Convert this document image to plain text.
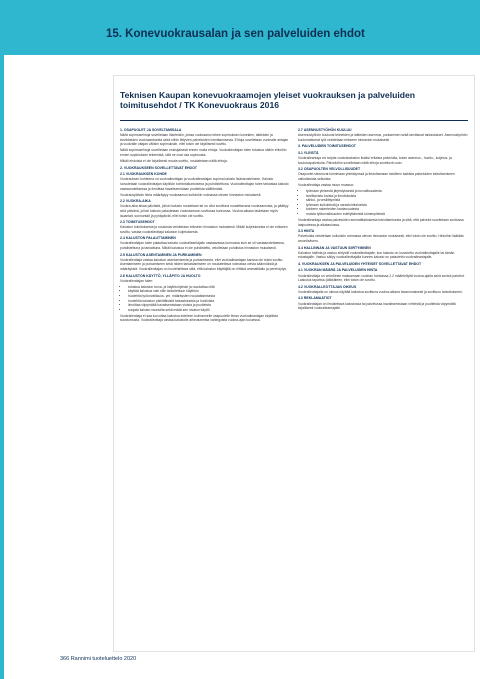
15. Konevuokrausalan ja sen palveluiden ehdot
Teknisen Kaupan konevuokraamojen yleiset vuokrauksen ja palveluiden
toimitusehdot / TK Konevuokraus 2016
1. OSAPUOLET JA SOVELTAMISALA

Näitä sopimusehtoja sovelletaan tilanteisiin, joissa vuokraamo tekee sopimuksen koneiden, laitteiden ja tarvikkeiden vuokraamisesta sekä niihin liittyvien palveluiden toimittamisesta. Ehtoja sovelletaan vuokralle antajan ja vuokralle ottajan välisiin sopimuksiin, ellei toisin ole kirjallisesti sovittu.

Näitä sopimusehtoja sovelletaan ensisijaisesti ennen muita ehtoja. Vuokralleottajan tulee tutustua näihin ehtoihin ennen sopimuksen tekemistä, sillä ne ovat osa sopimusta.

Mikäli ehdoista ei ole kirjallisesti muuta sovittu, noudatetaan näitä ehtoja.

2. VUOKRAUKSEEN SOVELLETTAVAT EHDOT
2.1 VUOKRAUKSEN KOHDE

Vuokrauksen kohteena on vuokralleottajan ja vuokralleantajan sopima kalusto lisävarusteineen. Kalusto luovutetaan vuokralleottajan käyttöön toimintakuntoisena ja puhdistettuna. Vuokralleottajan tulee tarkastaa kalusto vastaanotettaessa ja ilmoittaa havaitsemistaan puutteista välittömästi.

Vuokrauspäivän hinta määräytyy vuokraamon kulloinkin voimassa olevan hinnaston mukaisesti.

2.2 VUOKRA-AIKA

Vuokra-aika alkaa päivästä, jolloin kalusto noudetaan tai on ollut sovittuna noudettavana vuokraamosta, ja päättyy sinä päivänä, jolloin kalusto palautetaan vuokraamoon sovitussa kunnossa. Vuokra-aikaan lasketaan myös lauantait, sunnuntait ja pyhäpäivät, ellei toisin ole sovittu.

2.3 TOIMITUSEHDOT

Kaluston toimituksesta ja noudosta veloitetaan erikseen hinnaston mukaisesti. Mikäli kuljetuksesta ei ole erikseen sovittu, vastaa vuokralleottaja kaluston kuljetuksesta.

2.4 KALUSTON PALAUTTAMINEN

Vuokralleottajan tulee palauttaa kalusto vuokralleantajalle vastaavassa kunnossa kuin se oli vastaanotettaessa, puhdistettuna ja tankattuna. Mikäli kalustoa ei ole puhdistettu, veloitetaan puhdistus hinnaston mukaisesti.

2.5 KALUSTON ASENTAMINEN JA PURKAMINEN

Vuokralleottaja vastaa kaluston asentamisesta ja purkamisesta, ellei vuokralleantajan kanssa ole toisin sovittu. Asentamiseen ja purkamiseen sekä niiden tarkastamiseen on noudatettava voimassa olevia säännöksiä ja määräyksiä. Vuokralleottajan on huolehdittava siitä, että kaluston käyttäjillä on riittävä ammattitaito ja perehdytys.

2.6 KALUSTON KÄYTTÖ, YLLÄPITO JA HUOLTO

Vuokralleottajan tulee:

• tutustua kaluston turva- ja käyttöohjeisiin ja noudattaa niitä
• käyttää kalustoa vain sille tarkoitettuun käyttöön
• huolehtia työturvallisuus- ym. määräysten noudattamisesta
• huolehtia kaluston päivittäisistä tarkastuksista ja huolloista
• ilmoittaa viipymättä havaitsemistaan vioista ja puutteista
• suojata kalusto vaurioilta sekä estää sen luvaton käyttö

Vuokralleottaja ei saa luovuttaa kalustoa edelleen kolmannelle osapuolelle ilman vuokralleantajan kirjallista suostumusta. Vuokralleottaja vastaa kalustolle aiheutuneista vahingoista vuokra-ajan kuluessa.

2.7 ASENNUSTYÖHÖN KUULUU

Asennustyöhön kuuluvat telineiden ja laitteiden asennus, purkaminen sekä tarvittavat tarkastukset. Asennustyöhön kuulumattomat työt veloitetaan erikseen hinnaston mukaisesti.

3. PALVELUIDEN TOIMITUSEHDOT
3.1 YLEISTÄ

Vuokralleantaja voi tarjota vuokrakaluston lisäksi erilaisia palveluita, kuten asennus-, huolto-, kuljetus- ja koulutuspalveluita. Palveluihin sovelletaan näitä ehtoja soveltuvin osin.

3.2 OSAPUOLTEN VELVOLLISUUDET

Osapuolet sitoutuvat toimimaan yhteistyössä ja tiedottamaan toisilleen kaikista palveluiden toteuttamiseen vaikuttavista seikoista.

Vuokralleottaja vastaa muun muassa:

• työmaan yleisestä järjestyksestä ja turvallisuudesta
• tarvittavista luvista ja ilmoituksista
• sähkö- ja vesiliittymistä
• työmaan kulkuteistä ja varastointialueista
• kohteen rakenteiden kantavuudesta
• muista työturvallisuuden edellyttämistä toimenpiteistä

Vuokralleantaja vastaa palveluiden ammattitaitoisesta toteuttamisesta ja siitä, että palvelut suoritetaan sovitussa laajuudessa ja aikataulussa.

3.3 HINTA

Palveluista veloitetaan kulloinkin voimassa olevan hinnaston mukaisesti, ellei toisin ole sovittu. Hintoihin lisätään arvonlisävero.

3.4 HALLINNAN JA VASTUUN SIIRTYMINEN

Kaluston hallinta ja vastuu siirtyvät vuokralleottajalle, kun kalusto on luovutettu vuokralleottajalle tai tämän edustajalle. Vastuu säilyy vuokralleottajalla kunnes kalusto on palautettu vuokralleantajalle.

4. VUOKRAUKSEN JA PALVELUIDEN YHTEISET SOVELLETTAVAT EHDOT
4.1 VUOKRAN MÄÄRÄ JA PALVELUIDEN HINTA

Vuokralleottaja on velvollinen maksamaan vuokran kohdassa 2.2 määritellyltä vuokra-ajalta sekä sovitut palvelut. Laskutus tapahtuu jälkikäteen, ellei toisin ole sovittu.

4.2 VUOKRALLEOTTAJAN OIKEUS

Vuokralleottajalla on oikeus käyttää kalustoa sovittuna vuokra-aikana tavanomaisesti ja sovittuun tarkoitukseen.

4.3 REKLAMAATIOT

Vuokralleottajan on ilmoitettava kalustossa tai palvelussa havaitsemistaan virheistä ja puutteista viipymättä kirjallisesti vuokralleantajalle.

366 Rannimi tuoteluettelo 2020
